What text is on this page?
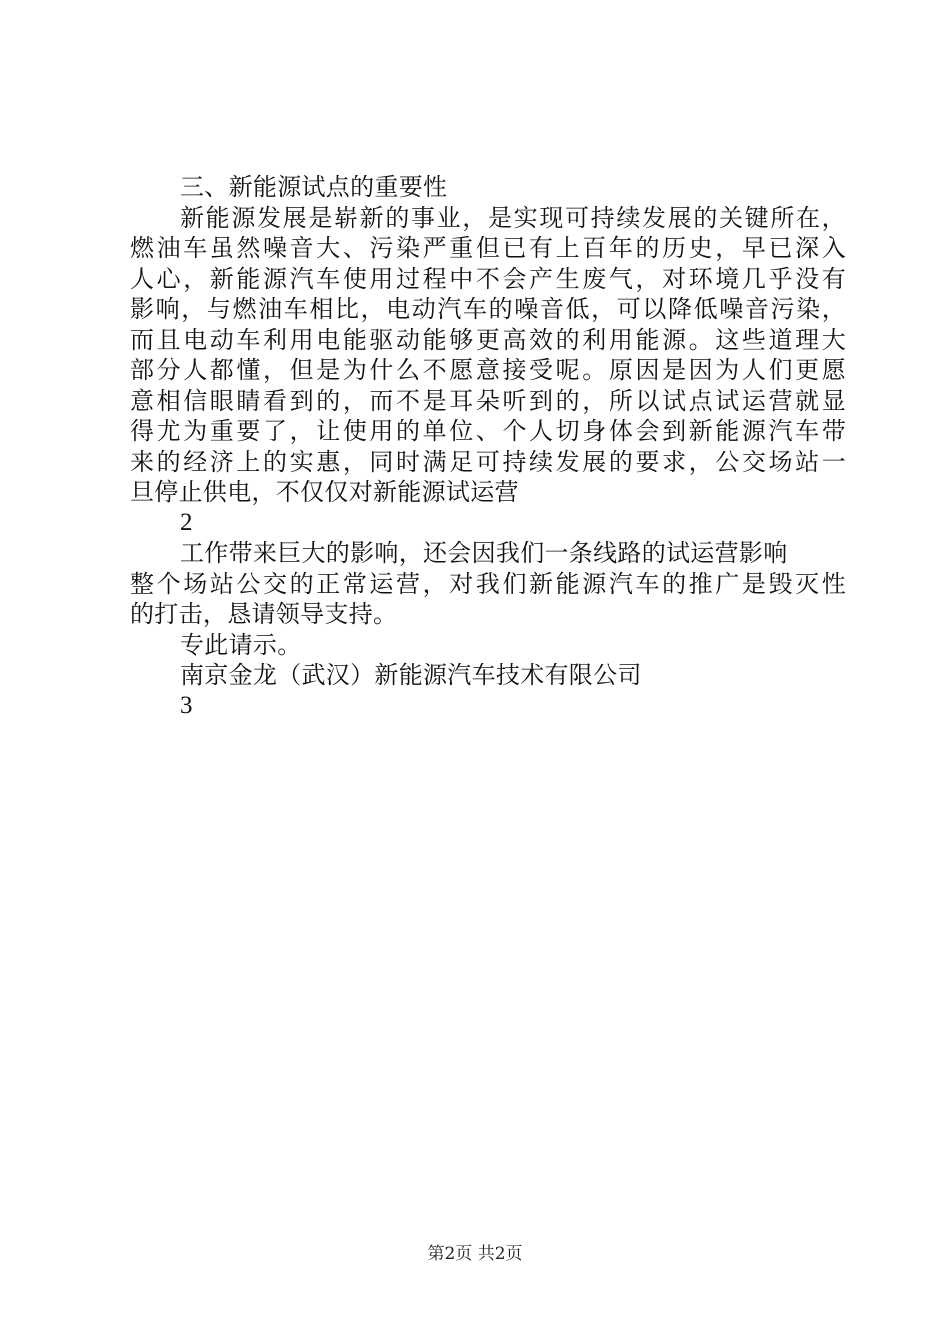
三、新能源试点的重要性
新能源发展是崭新的事业，是实现可持续发展的关键所在，
燃油车虽然噪音大、污染严重但已有上百年的历史，早已深入
人心，新能源汽车使用过程中不会产生废气，对环境几乎没有
影响，与燃油车相比，电动汽车的噪音低，可以降低噪音污染，
而且电动车利用电能驱动能够更高效的利用能源。这些道理大
部分人都懂，但是为什么不愿意接受呢。原因是因为人们更愿
意相信眼睛看到的，而不是耳朵听到的，所以试点试运营就显
得尤为重要了，让使用的单位、个人切身体会到新能源汽车带
来的经济上的实惠，同时满足可持续发展的要求，公交场站一
旦停止供电，不仅仅对新能源试运营
2
工作带来巨大的影响，还会因我们一条线路的试运营影响
整个场站公交的正常运营，对我们新能源汽车的推广是毁灭性
的打击，恳请领导支持。
专此请示。
南京金龙（武汉）新能源汽车技术有限公司
3
第2页 共2页
